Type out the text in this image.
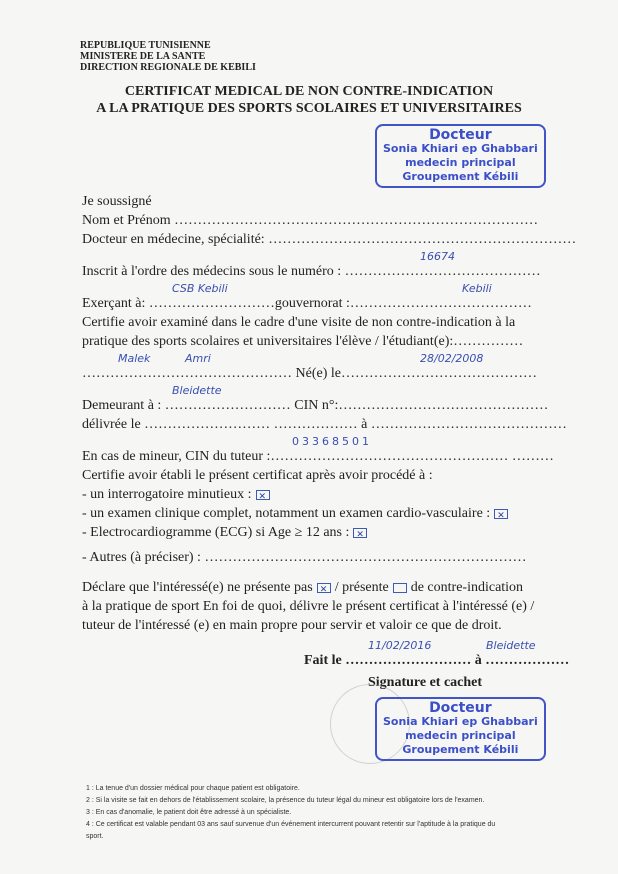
REPUBLIQUE TUNISIENNE
MINISTERE DE LA SANTE
DIRECTION REGIONALE DE KEBILI
CERTIFICAT MEDICAL DE NON CONTRE-INDICATION
A LA PRATIQUE DES SPORTS SCOLAIRES ET UNIVERSITAIRES
Docteur
Sonia Khiari ep Ghabbari
medecin principal
Groupement Kébili
Je soussigné
Nom et Prénom ……………………………………………………………………
Docteur en médecine, spécialité: …………………………………………………………
16674
Inscrit à l'ordre des médecins sous le numéro : ……………………………………
CSB Kebili	Kebili
Exerçant à: ………………………gouvernorat :…………………………………
Certifie avoir examiné dans le cadre d'une visite de non contre-indication à la
pratique des sports scolaires et universitaires l'élève / l'étudiant(e):……………
Malek	Amri	28/02/2008
……………………………………… Né(e) le……………………………………
Bleidette
Demeurant à : ……………………… CIN n°:………………………………………
délivrée le ……………………… ……………… à ……………………………………
03368501
En cas de mineur, CIN du tuteur :…………………………………………… ………
Certifie avoir établi le présent certificat après avoir procédé à :
- un interrogatoire minutieux :✕
- un examen clinique complet, notamment un examen cardio-vasculaire :✕
- Electrocardiogramme (ECG) si Age ≥ 12 ans :✕
- Autres (à préciser) : ……………………………………………………………
Déclare que l'intéressé(e) ne présente pas ✕ / présente de contre-indication
à la pratique de sport En foi de quoi, délivre le présent certificat à l'intéressé (e) /
tuteur de l'intéressé (e) en main propre pour servir et valoir ce que de droit.
11/02/2016	Bleidette
Fait le ……………………… à ………………
Signature et cachet
Docteur
Sonia Khiari ep Ghabbari
medecin principal
Groupement Kébili
1 : La tenue d'un dossier médical pour chaque patient est obligatoire.
2 : Si la visite se fait en dehors de l'établissement scolaire, la présence du tuteur légal du mineur est obligatoire lors de l'examen.
3 : En cas d'anomalie, le patient doit être adressé à un spécialiste.
4 : Ce certificat est valable pendant 03 ans sauf survenue d'un événement intercurrent pouvant retentir sur l'aptitude à la pratique du
sport.
